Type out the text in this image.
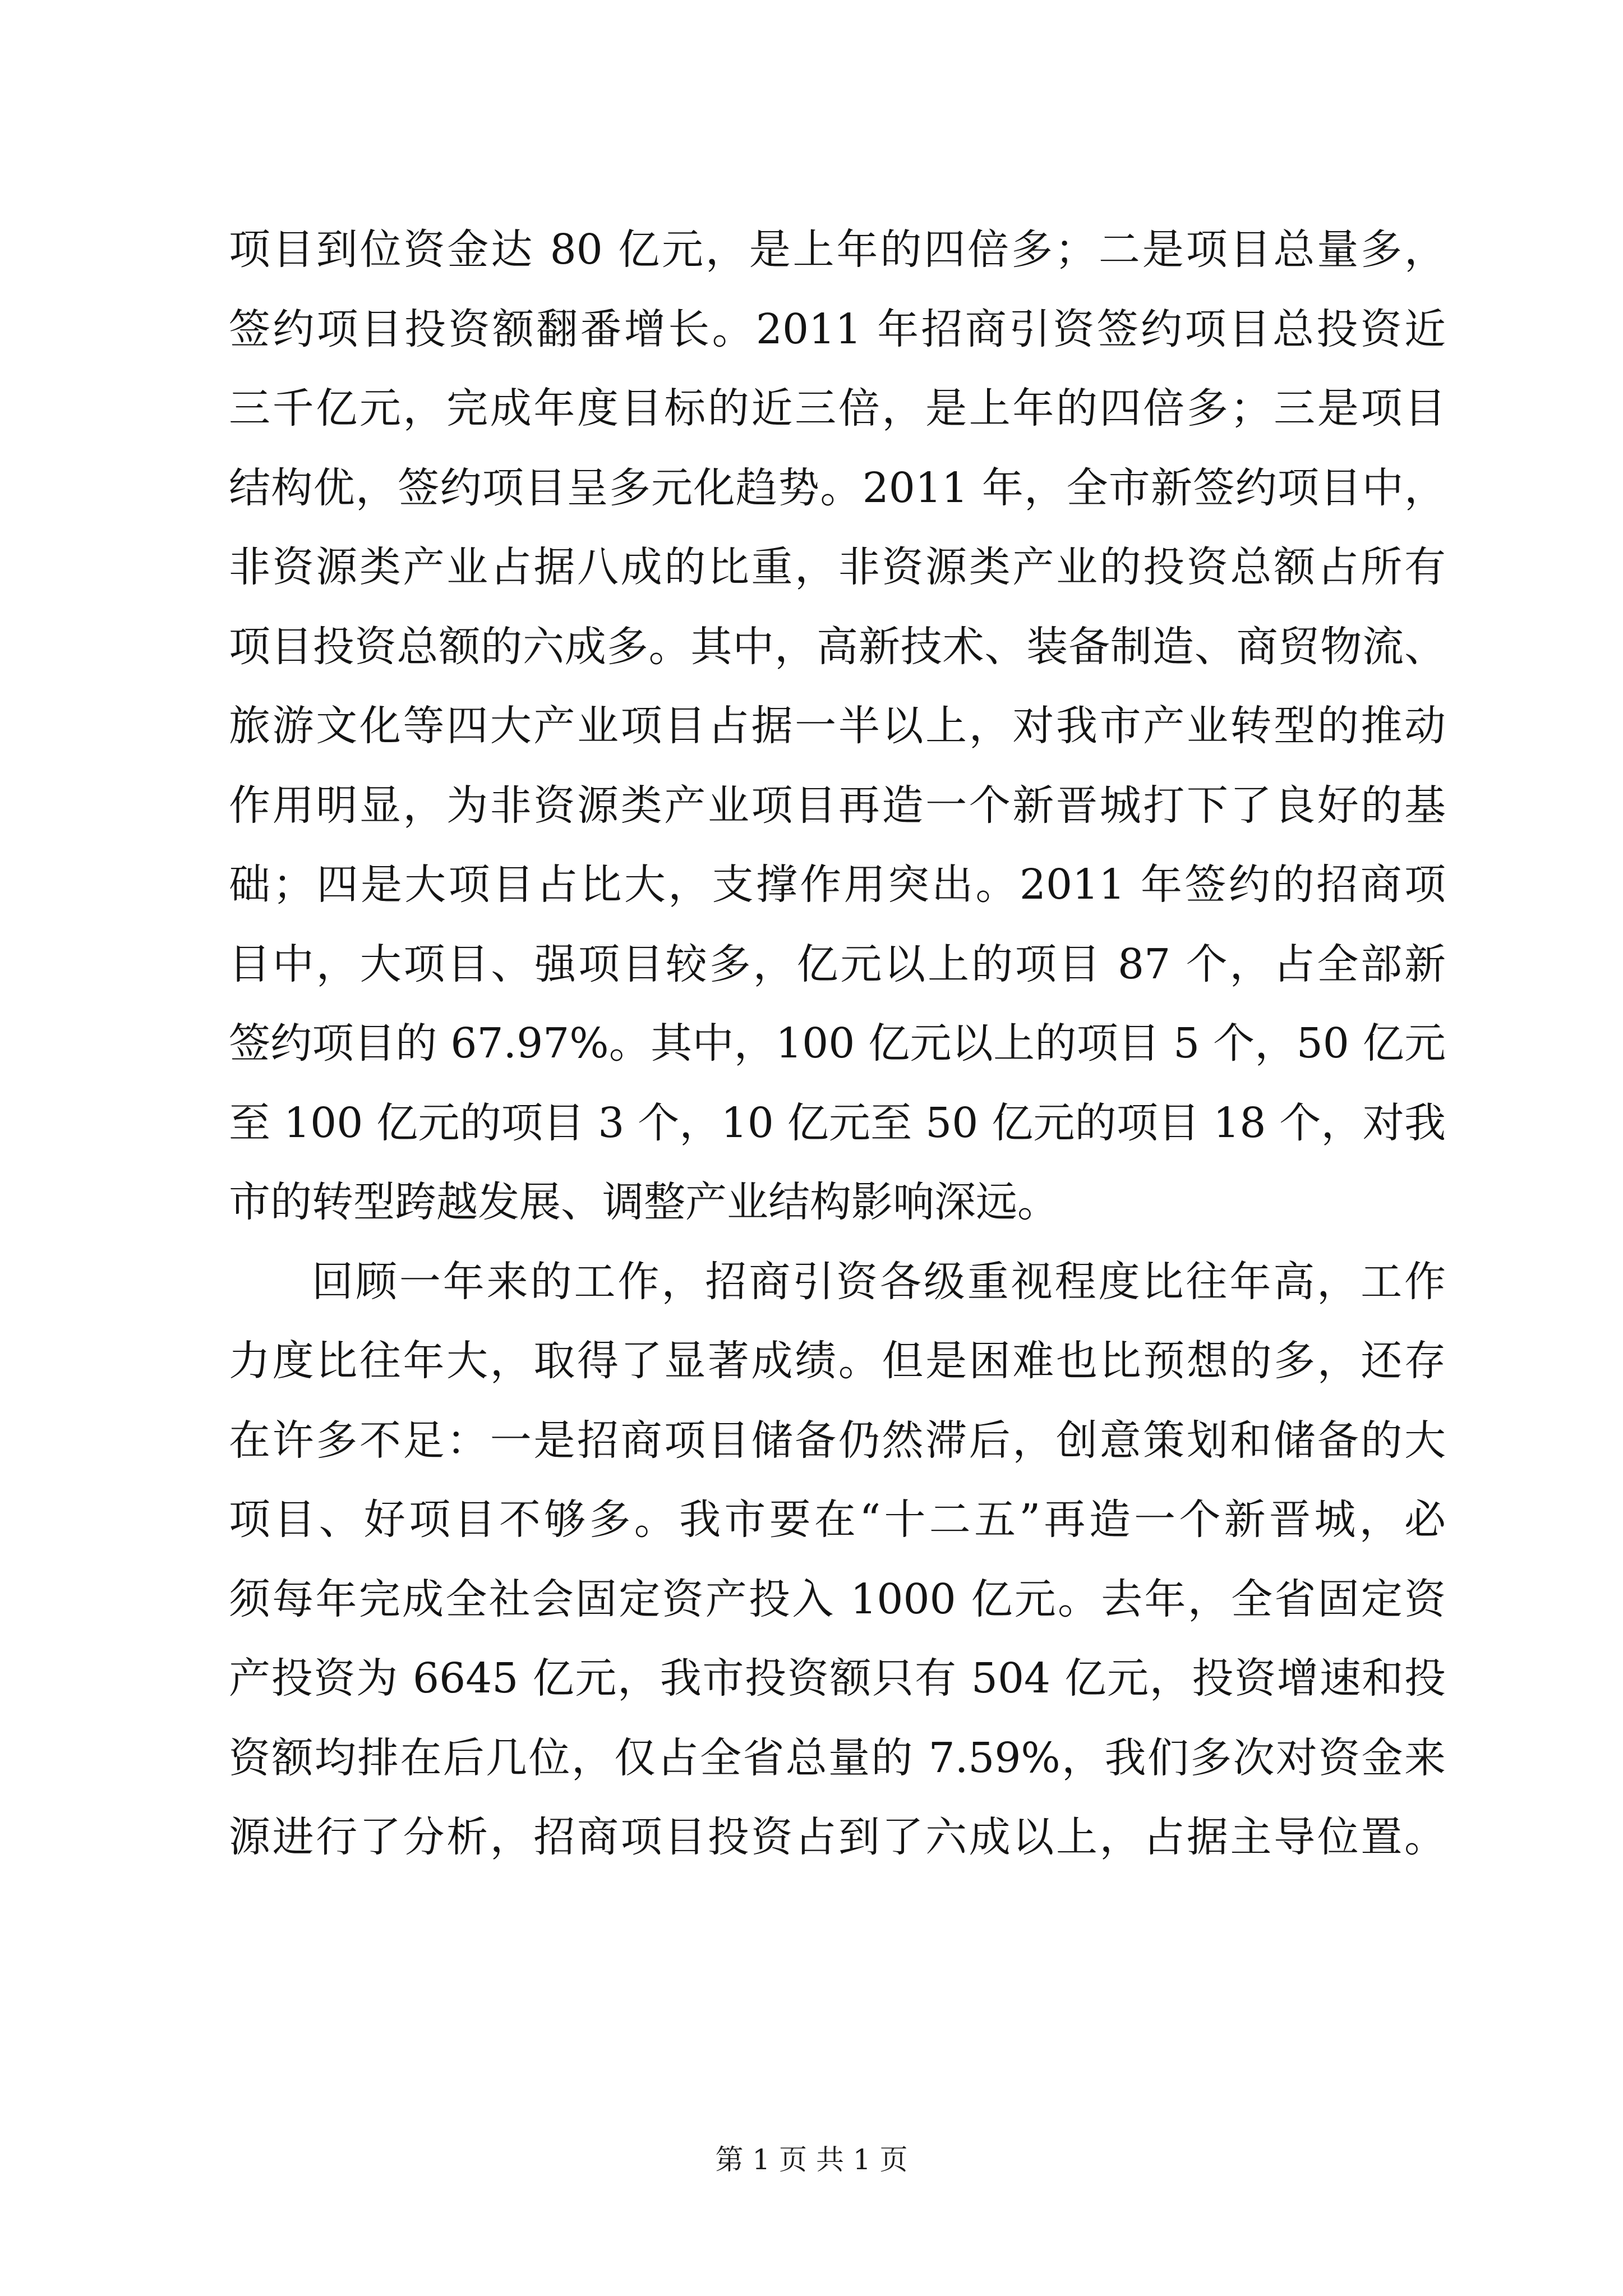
项目到位资金达 80 亿元，是上年的四倍多；二是项目总量多，
签约项目投资额翻番增长。2011 年招商引资签约项目总投资近
三千亿元，完成年度目标的近三倍，是上年的四倍多；三是项目
结构优，签约项目呈多元化趋势。2011 年，全市新签约项目中，
非资源类产业占据八成的比重，非资源类产业的投资总额占所有
项目投资总额的六成多。其中，高新技术、装备制造、商贸物流、
旅游文化等四大产业项目占据一半以上，对我市产业转型的推动
作用明显，为非资源类产业项目再造一个新晋城打下了良好的基
础；四是大项目占比大，支撑作用突出。2011 年签约的招商项
目中，大项目、强项目较多，亿元以上的项目 87 个，占全部新
签约项目的 67.97%。其中，100 亿元以上的项目 5 个，50 亿元
至 100 亿元的项目 3 个，10 亿元至 50 亿元的项目 18 个，对我
市的转型跨越发展、调整产业结构影响深远。
回顾一年来的工作，招商引资各级重视程度比往年高，工作
力度比往年大，取得了显著成绩。但是困难也比预想的多，还存
在许多不足：一是招商项目储备仍然滞后，创意策划和储备的大
项目、好项目不够多。我市要在“十二五”再造一个新晋城，必
须每年完成全社会固定资产投入 1000 亿元。去年，全省固定资
产投资为 6645 亿元，我市投资额只有 504 亿元，投资增速和投
资额均排在后几位，仅占全省总量的 7.59%，我们多次对资金来
源进行了分析，招商项目投资占到了六成以上，占据主导位置。
第 1 页 共 1 页
